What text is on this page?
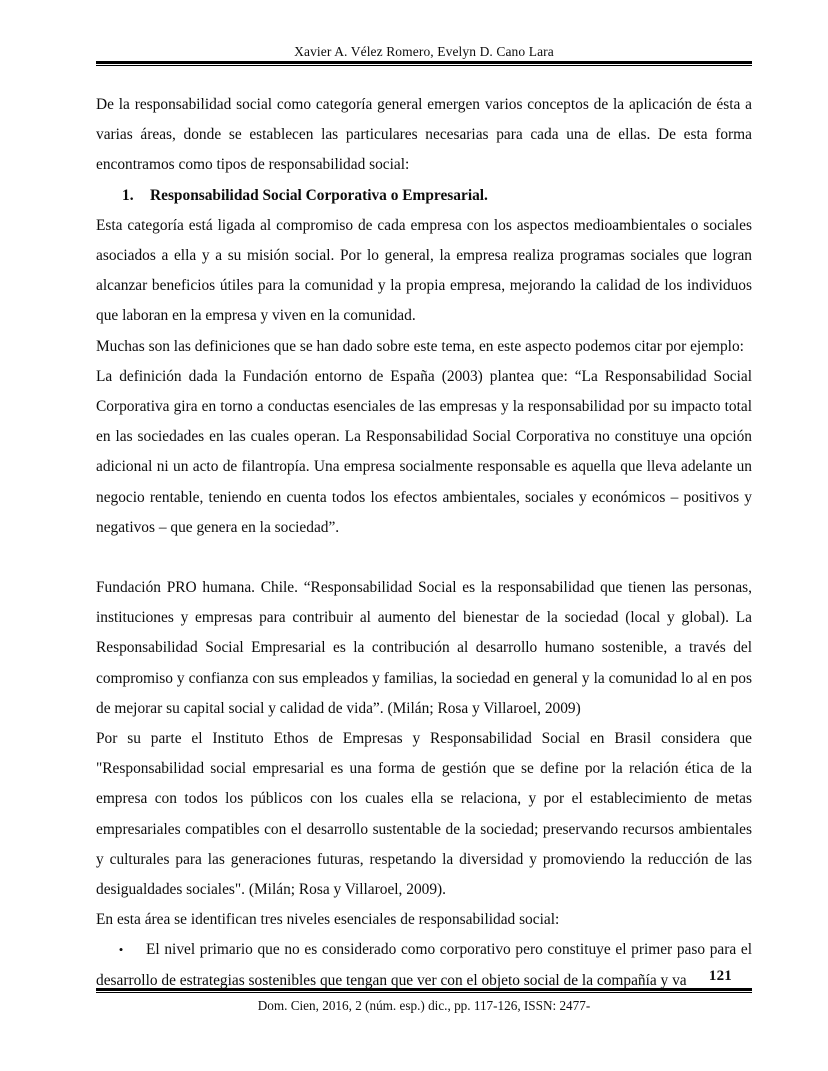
Xavier A. Vélez Romero, Evelyn D. Cano Lara

De la responsabilidad social como categoría general emergen varios conceptos de la aplicación de ésta a varias áreas, donde se establecen las particulares necesarias para cada una de ellas. De esta forma encontramos como tipos de responsabilidad social:

1.	Responsabilidad Social Corporativa o Empresarial.

Esta categoría está ligada al compromiso de cada empresa con los aspectos medioambientales o sociales asociados a ella y a su misión social. Por lo general, la empresa realiza programas sociales que logran alcanzar beneficios útiles para la comunidad y la propia empresa, mejorando la calidad de los individuos que laboran en la empresa y viven en la comunidad.

Muchas son las definiciones que se han dado sobre este tema, en este aspecto podemos citar por ejemplo:

La definición dada la Fundación entorno de España (2003) plantea que: “La Responsabilidad Social Corporativa gira en torno a conductas esenciales de las empresas y la responsabilidad por su impacto total en las sociedades en las cuales operan. La Responsabilidad Social Corporativa no constituye una opción adicional ni un acto de filantropía. Una empresa socialmente responsable es aquella que lleva adelante un negocio rentable, teniendo en cuenta todos los efectos ambientales, sociales y económicos – positivos y negativos – que genera en la sociedad”.

Fundación PRO humana. Chile. “Responsabilidad Social es la responsabilidad que tienen las personas, instituciones y empresas para contribuir al aumento del bienestar de la sociedad (local y global). La Responsabilidad Social Empresarial es la contribución al desarrollo humano sostenible, a través del compromiso y confianza con sus empleados y familias, la sociedad en general y la comunidad lo al en pos de mejorar su capital social y calidad de vida”. (Milán; Rosa y Villaroel, 2009)

Por su parte el Instituto Ethos de Empresas y Responsabilidad Social en Brasil considera que "Responsabilidad social empresarial es una forma de gestión que se define por la relación ética de la empresa con todos los públicos con los cuales ella se relaciona, y por el establecimiento de metas empresariales compatibles con el desarrollo sustentable de la sociedad; preservando recursos ambientales y culturales para las generaciones futuras, respetando la diversidad y promoviendo la reducción de las desigualdades sociales". (Milán; Rosa y Villaroel, 2009).

En esta área se identifican tres niveles esenciales de responsabilidad social:

• El nivel primario que no es considerado como corporativo pero constituye el primer paso para el desarrollo de estrategias sostenibles que tengan que ver con el objeto social de la compañía y va	121
Dom. Cien, 2016, 2 (núm. esp.) dic., pp. 117-126, ISSN: 2477-
